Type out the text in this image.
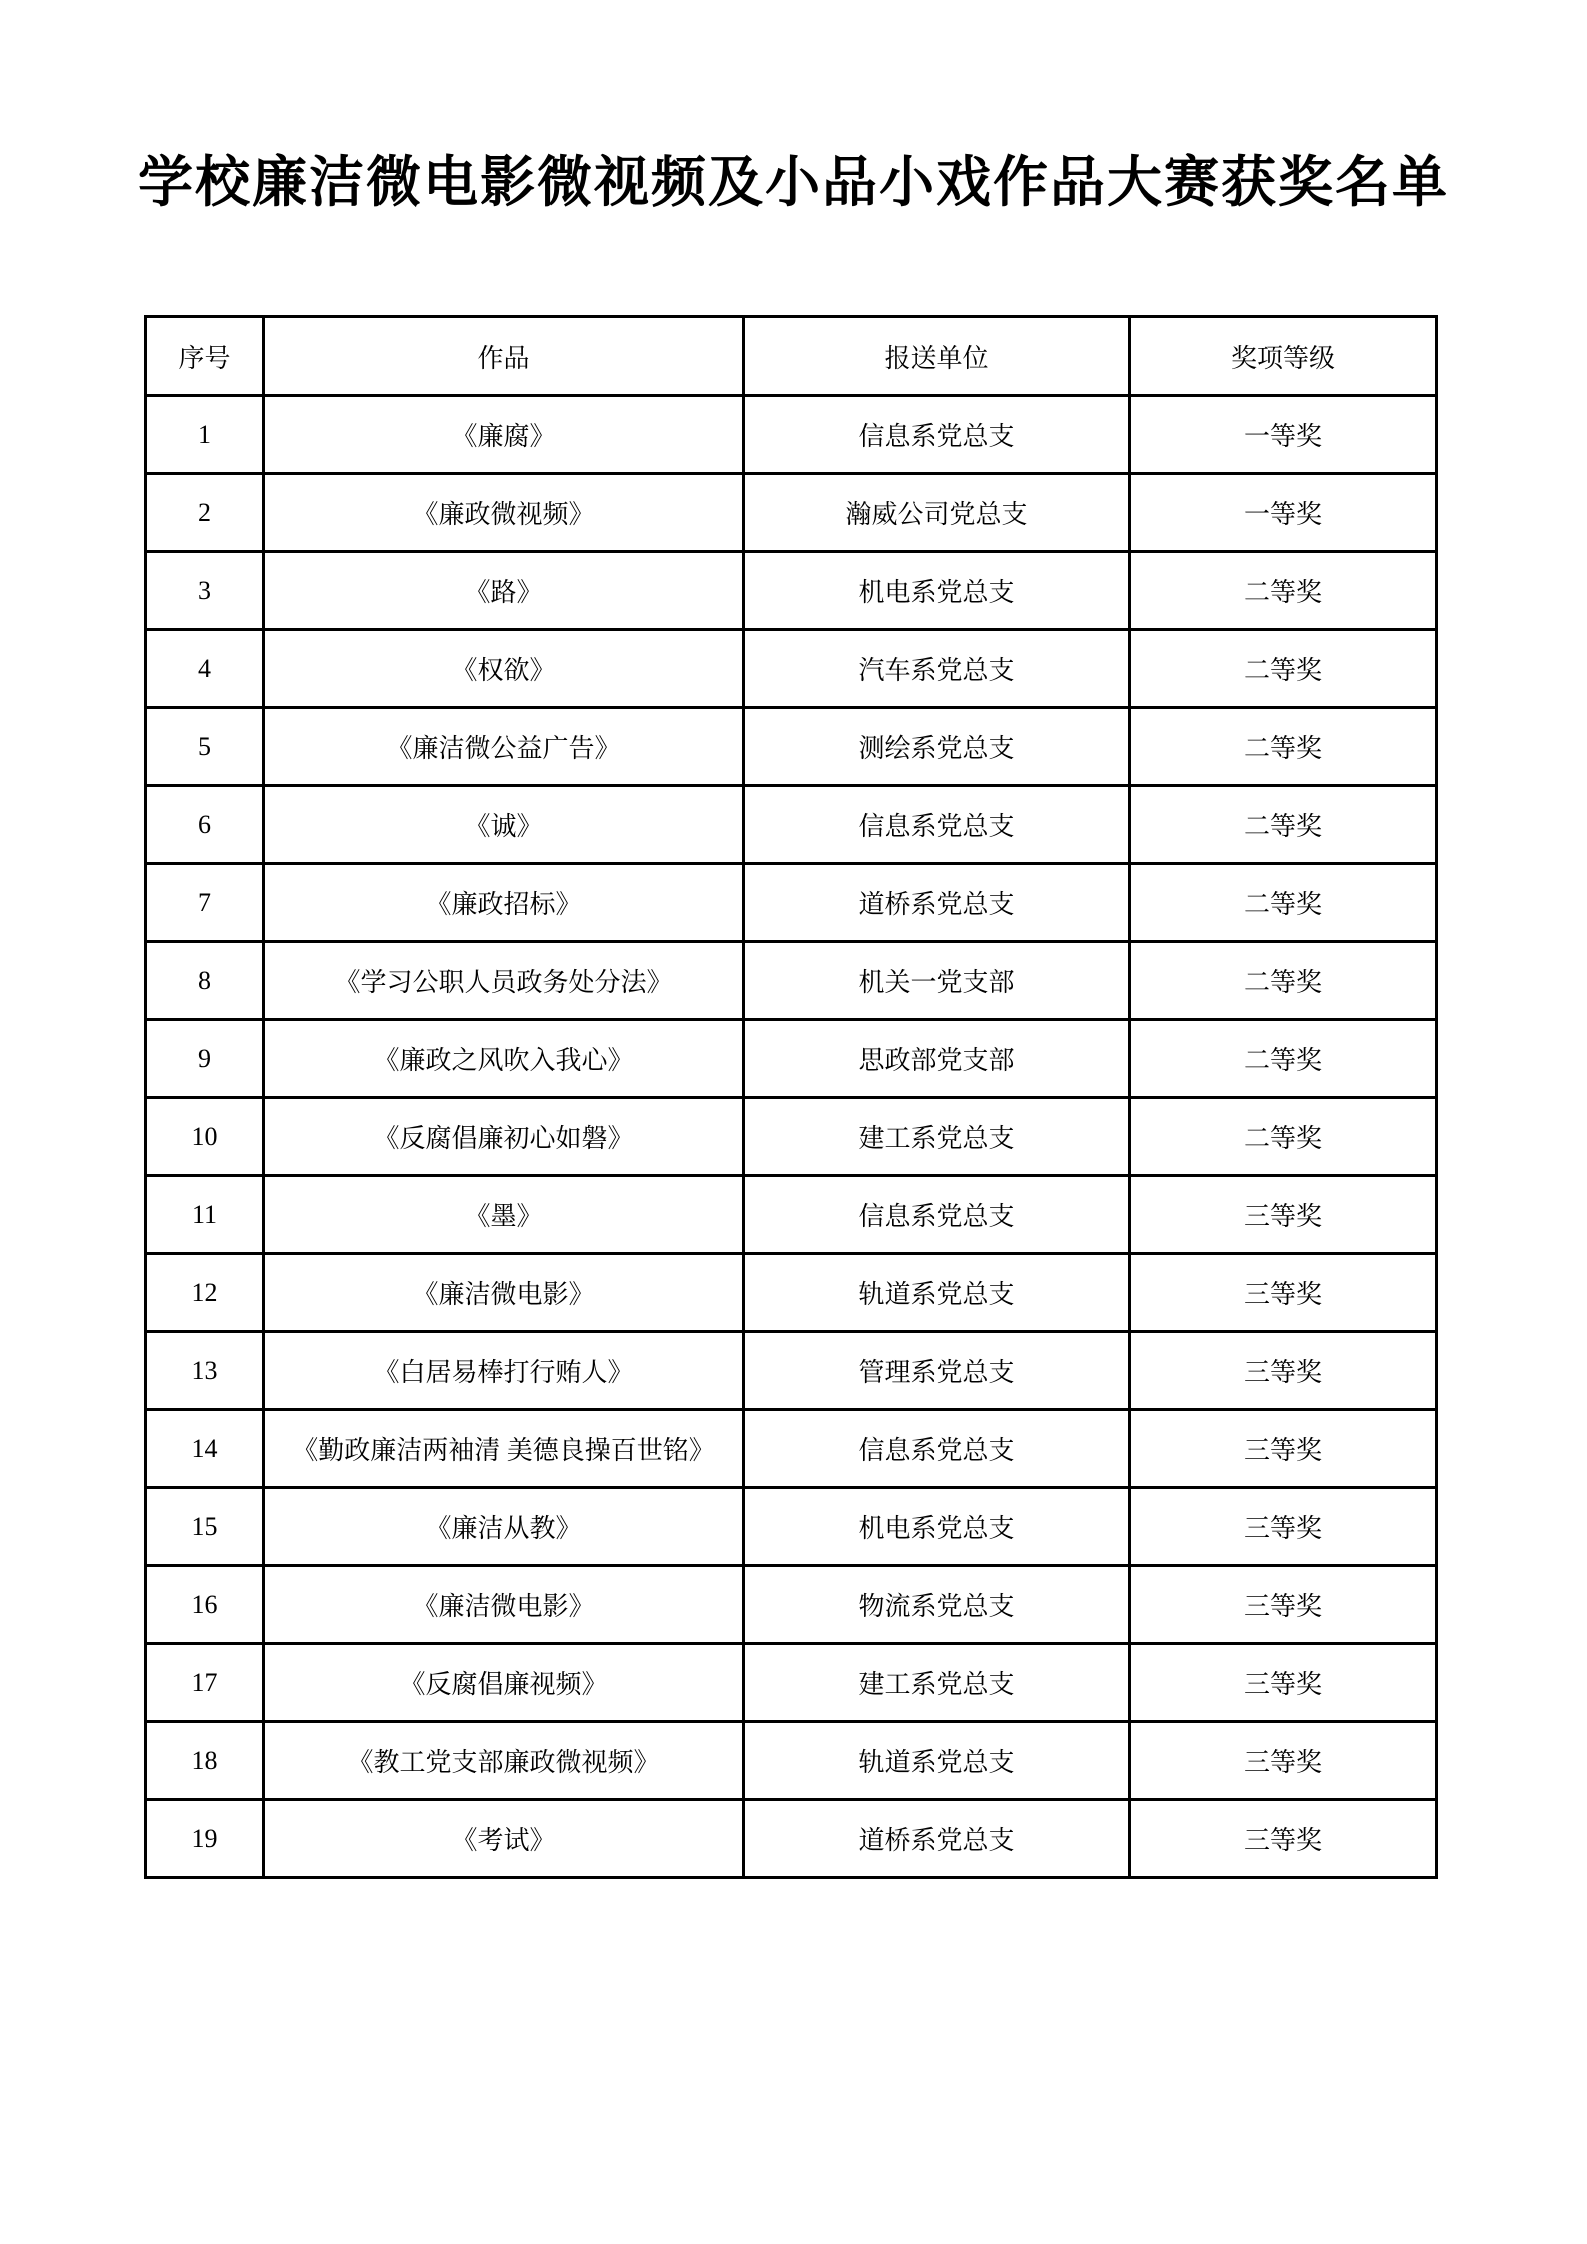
学校廉洁微电影微视频及小品小戏作品大赛获奖名单
序号	作品	报送单位	奖项等级
1	《廉腐》	信息系党总支	一等奖
2	《廉政微视频》	瀚威公司党总支	一等奖
3	《路》	机电系党总支	二等奖
4	《权欲》	汽车系党总支	二等奖
5	《廉洁微公益广告》	测绘系党总支	二等奖
6	《诚》	信息系党总支	二等奖
7	《廉政招标》	道桥系党总支	二等奖
8	《学习公职人员政务处分法》	机关一党支部	二等奖
9	《廉政之风吹入我心》	思政部党支部	二等奖
10	《反腐倡廉初心如磐》	建工系党总支	二等奖
11	《墨》	信息系党总支	三等奖
12	《廉洁微电影》	轨道系党总支	三等奖
13	《白居易棒打行贿人》	管理系党总支	三等奖
14	《勤政廉洁两袖清 美德良操百世铭》	信息系党总支	三等奖
15	《廉洁从教》	机电系党总支	三等奖
16	《廉洁微电影》	物流系党总支	三等奖
17	《反腐倡廉视频》	建工系党总支	三等奖
18	《教工党支部廉政微视频》	轨道系党总支	三等奖
19	《考试》	道桥系党总支	三等奖
